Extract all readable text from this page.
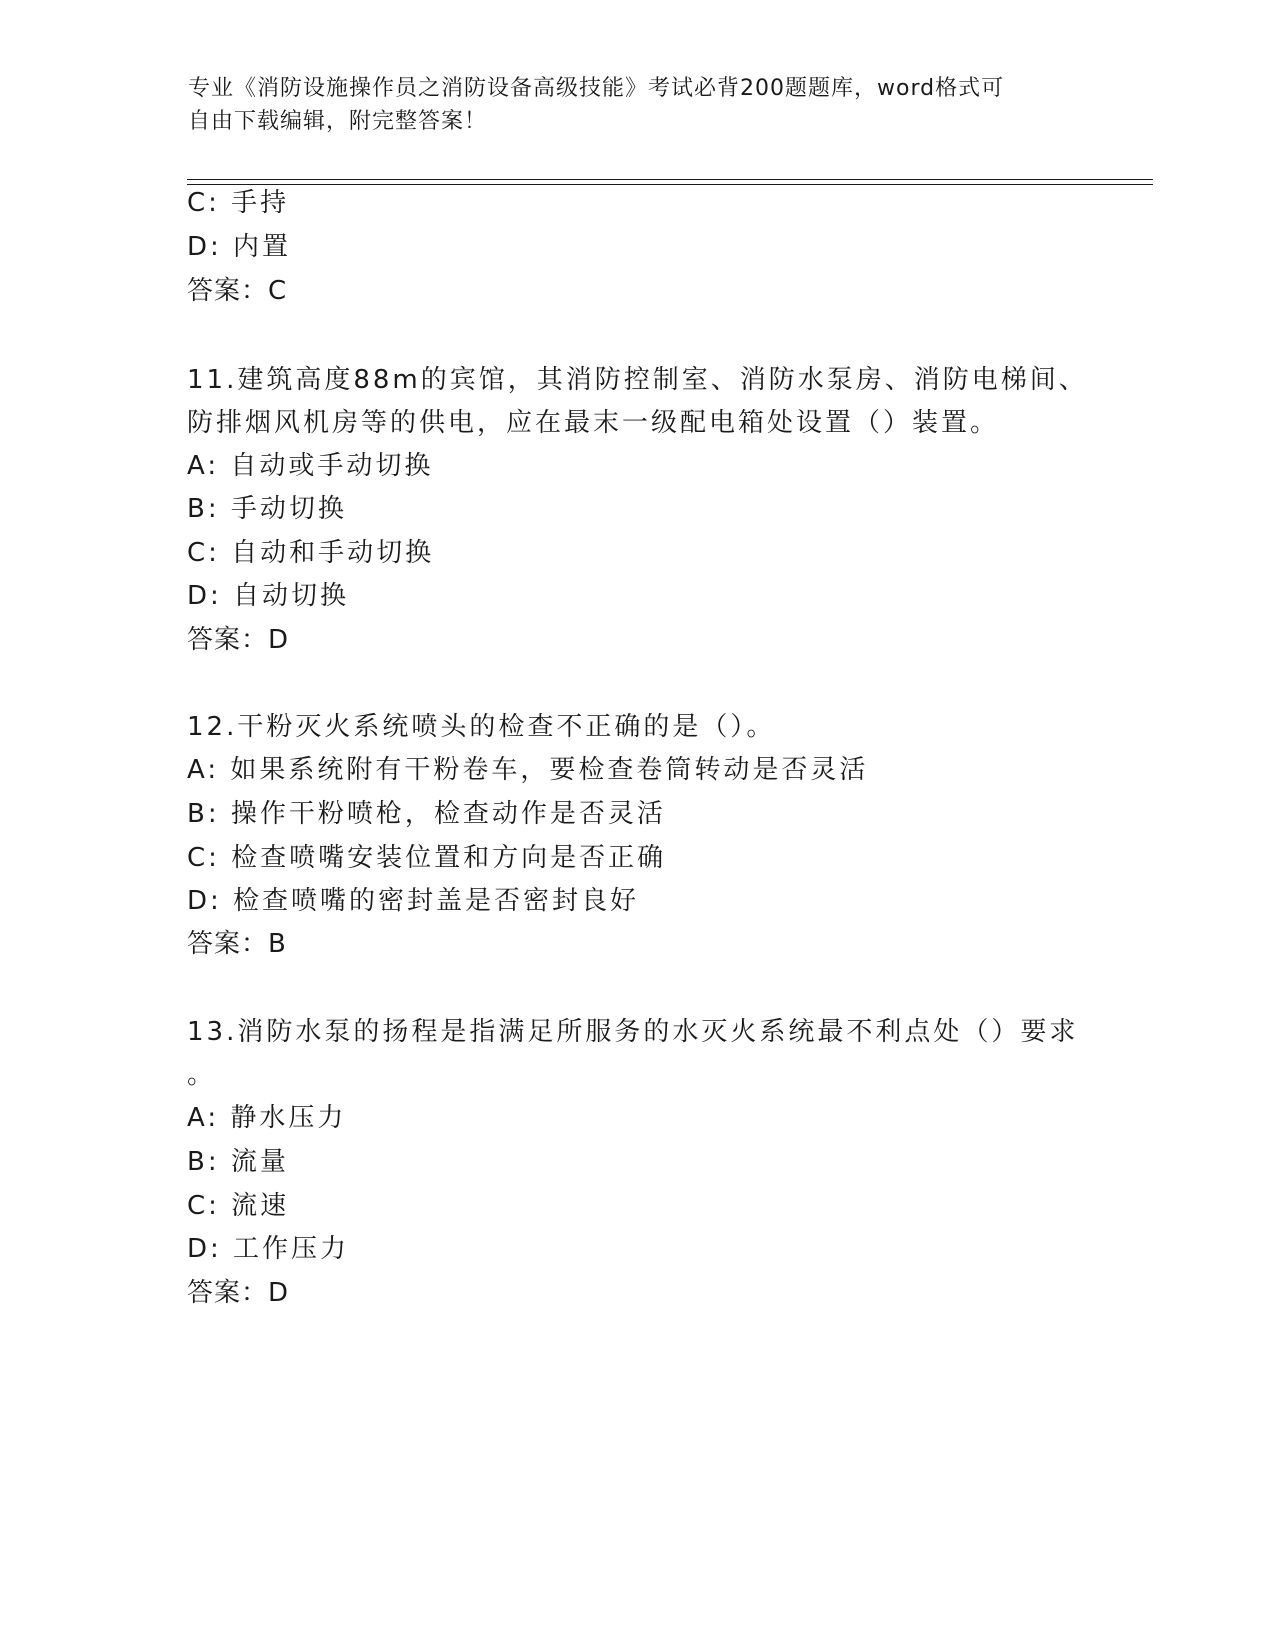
专业《消防设施操作员之消防设备高级技能》考试必背200题题库，word格式可
自由下载编辑，附完整答案！
C: 手持
D: 内置
答案：C
11.建筑高度88m的宾馆，其消防控制室、消防水泵房、消防电梯间、
防排烟风机房等的供电，应在最末一级配电箱处设置（）装置。
A: 自动或手动切换
B: 手动切换
C: 自动和手动切换
D: 自动切换
答案：D
12.干粉灭火系统喷头的检查不正确的是（）。
A: 如果系统附有干粉卷车，要检查卷筒转动是否灵活
B: 操作干粉喷枪，检查动作是否灵活
C: 检查喷嘴安装位置和方向是否正确
D: 检查喷嘴的密封盖是否密封良好
答案：B
13.消防水泵的扬程是指满足所服务的水灭火系统最不利点处（）要求
。
A: 静水压力
B: 流量
C: 流速
D: 工作压力
答案：D
